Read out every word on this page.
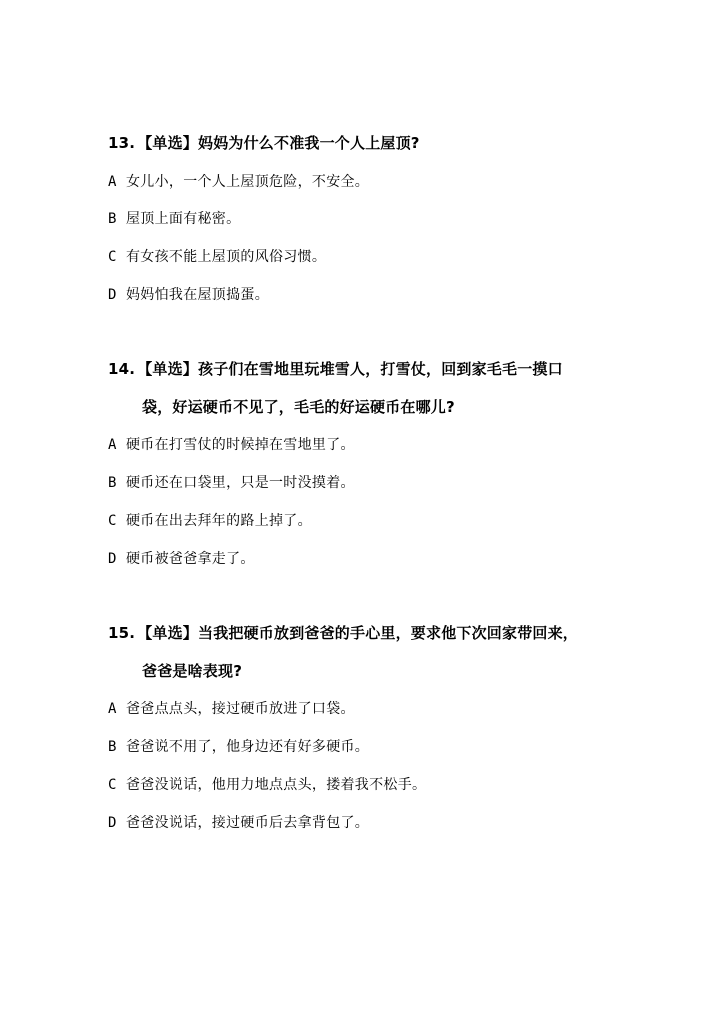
13. 【单选】妈妈为什么不准我一个人上屋顶?
A 女儿小，一个人上屋顶危险，不安全。
B 屋顶上面有秘密。
C 有女孩不能上屋顶的风俗习惯。
D 妈妈怕我在屋顶捣蛋。
14. 【单选】孩子们在雪地里玩堆雪人，打雪仗，回到家毛毛一摸口
袋，好运硬币不见了，毛毛的好运硬币在哪儿?
A 硬币在打雪仗的时候掉在雪地里了。
B 硬币还在口袋里，只是一时没摸着。
C 硬币在出去拜年的路上掉了。
D 硬币被爸爸拿走了。
15. 【单选】当我把硬币放到爸爸的手心里，要求他下次回家带回来，
爸爸是啥表现?
A 爸爸点点头，接过硬币放进了口袋。
B 爸爸说不用了，他身边还有好多硬币。
C 爸爸没说话，他用力地点点头，搂着我不松手。
D 爸爸没说话，接过硬币后去拿背包了。
